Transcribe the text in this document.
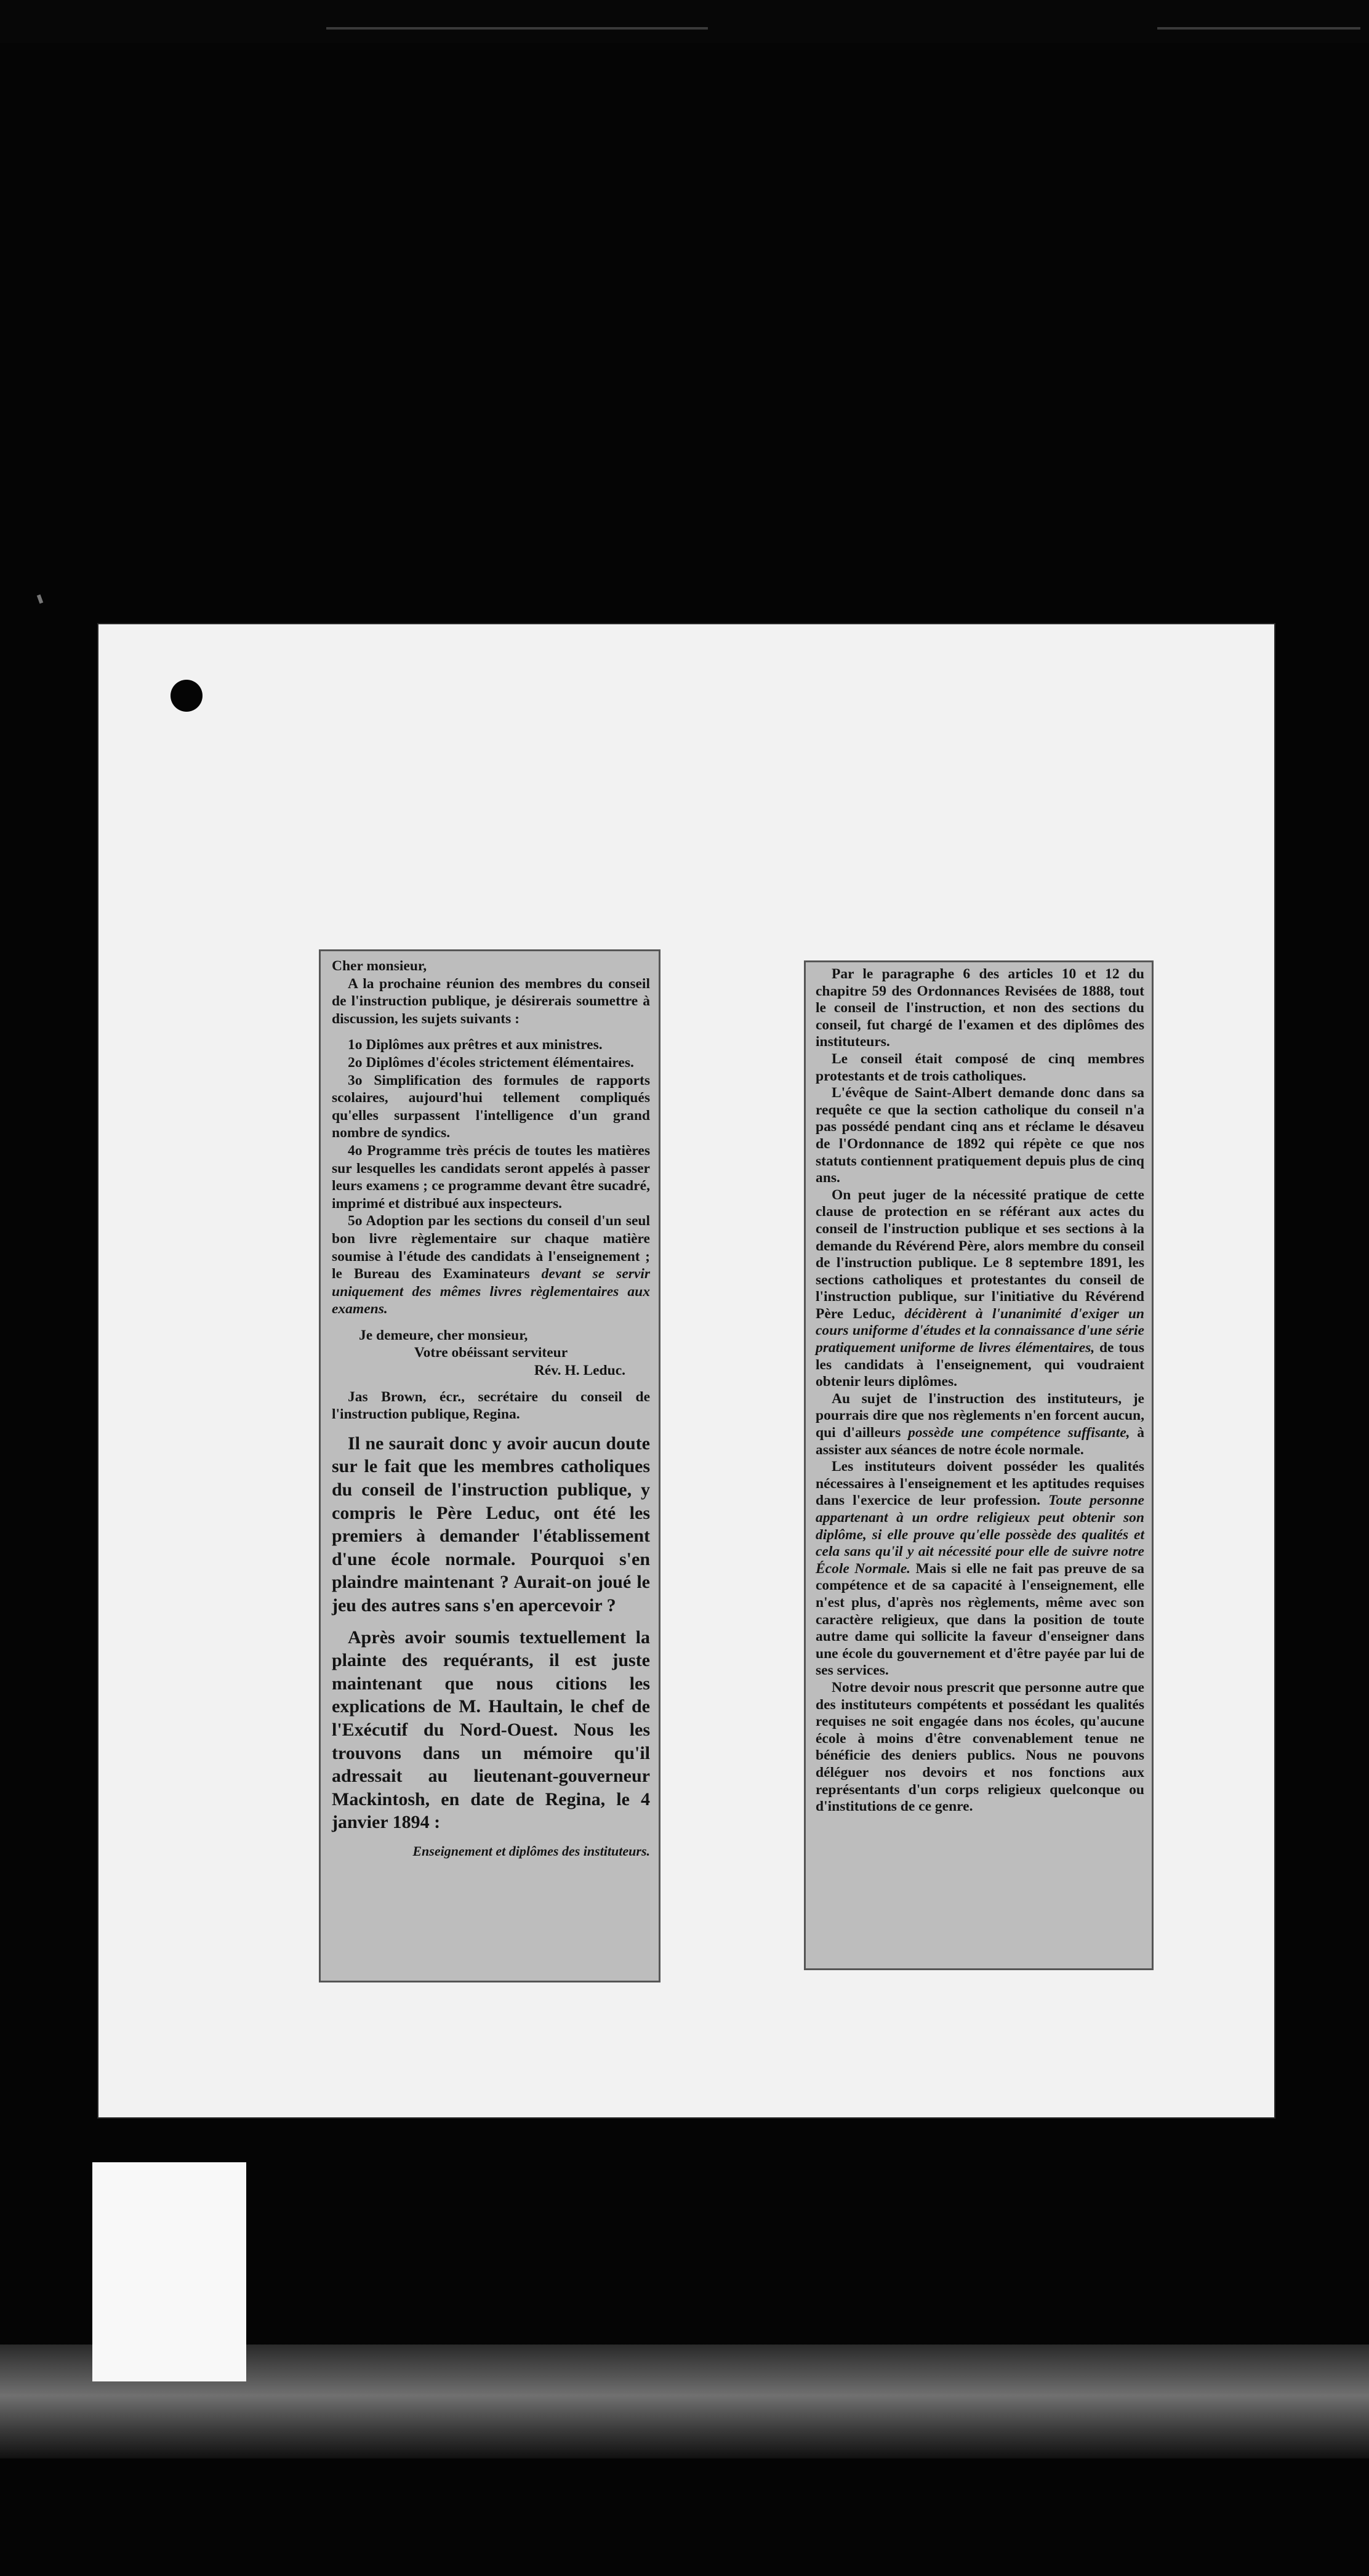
Cher monsieur,

A la prochaine réunion des membres du conseil de l'instruction publique, je désirerais soumettre à discussion, les sujets suivants :

1o Diplômes aux prêtres et aux ministres.

2o Diplômes d'écoles strictement élémentaires.

3o Simplification des formules de rapports scolaires, aujourd'hui tellement compliqués qu'elles surpassent l'intelligence d'un grand nombre de syndics.

4o Programme très précis de toutes les matières sur lesquelles les candidats seront appelés à passer leurs examens ; ce programme devant être sucadré, imprimé et distribué aux inspecteurs.

5o Adoption par les sections du conseil d'un seul bon livre règlementaire sur chaque matière soumise à l'étude des candidats à l'enseignement ; le Bureau des Examinateurs devant se servir uniquement des mêmes livres règlementaires aux examens.

Je demeure, cher monsieur,

Votre obéissant serviteur

Rév. H. Leduc.

Jas Brown, écr., secrétaire du conseil de l'instruction publique, Regina.

Il ne saurait donc y avoir aucun doute sur le fait que les membres catholiques du conseil de l'instruction publique, y compris le Père Leduc, ont été les premiers à demander l'établissement d'une école normale. Pourquoi s'en plaindre maintenant ? Aurait-on joué le jeu des autres sans s'en apercevoir ?

Après avoir soumis textuellement la plainte des requérants, il est juste maintenant que nous citions les explications de M. Haultain, le chef de l'Exécutif du Nord-Ouest. Nous les trouvons dans un mémoire qu'il adressait au lieutenant-gouverneur Mackintosh, en date de Regina, le 4 janvier 1894 :

Enseignement et diplômes des instituteurs.

Par le paragraphe 6 des articles 10 et 12 du chapitre 59 des Ordonnances Revisées de 1888, tout le conseil de l'instruction, et non des sections du conseil, fut chargé de l'examen et des diplômes des instituteurs.

Le conseil était composé de cinq membres protestants et de trois catholiques.

L'évêque de Saint-Albert demande donc dans sa requête ce que la section catholique du conseil n'a pas possédé pendant cinq ans et réclame le désaveu de l'Ordonnance de 1892 qui répète ce que nos statuts contiennent pratiquement depuis plus de cinq ans.

On peut juger de la nécessité pratique de cette clause de protection en se référant aux actes du conseil de l'instruction publique et ses sections à la demande du Révérend Père, alors membre du conseil de l'instruction publique. Le 8 septembre 1891, les sections catholiques et protestantes du conseil de l'instruction publique, sur l'initiative du Révérend Père Leduc, décidèrent à l'unanimité d'exiger un cours uniforme d'études et la connaissance d'une série pratiquement uniforme de livres élémentaires, de tous les candidats à l'enseignement, qui voudraient obtenir leurs diplômes.

Au sujet de l'instruction des instituteurs, je pourrais dire que nos règlements n'en forcent aucun, qui d'ailleurs possède une compétence suffisante, à assister aux séances de notre école normale.

Les instituteurs doivent posséder les qualités nécessaires à l'enseignement et les aptitudes requises dans l'exercice de leur profession. Toute personne appartenant à un ordre religieux peut obtenir son diplôme, si elle prouve qu'elle possède des qualités et cela sans qu'il y ait nécessité pour elle de suivre notre École Normale. Mais si elle ne fait pas preuve de sa compétence et de sa capacité à l'enseignement, elle n'est plus, d'après nos règlements, même avec son caractère religieux, que dans la position de toute autre dame qui sollicite la faveur d'enseigner dans une école du gouvernement et d'être payée par lui de ses services.

Notre devoir nous prescrit que personne autre que des instituteurs compétents et possédant les qualités requises ne soit engagée dans nos écoles, qu'aucune école à moins d'être convenablement tenue ne bénéficie des deniers publics. Nous ne pouvons déléguer nos devoirs et nos fonctions aux représentants d'un corps religieux quelconque ou d'institutions de ce genre.
